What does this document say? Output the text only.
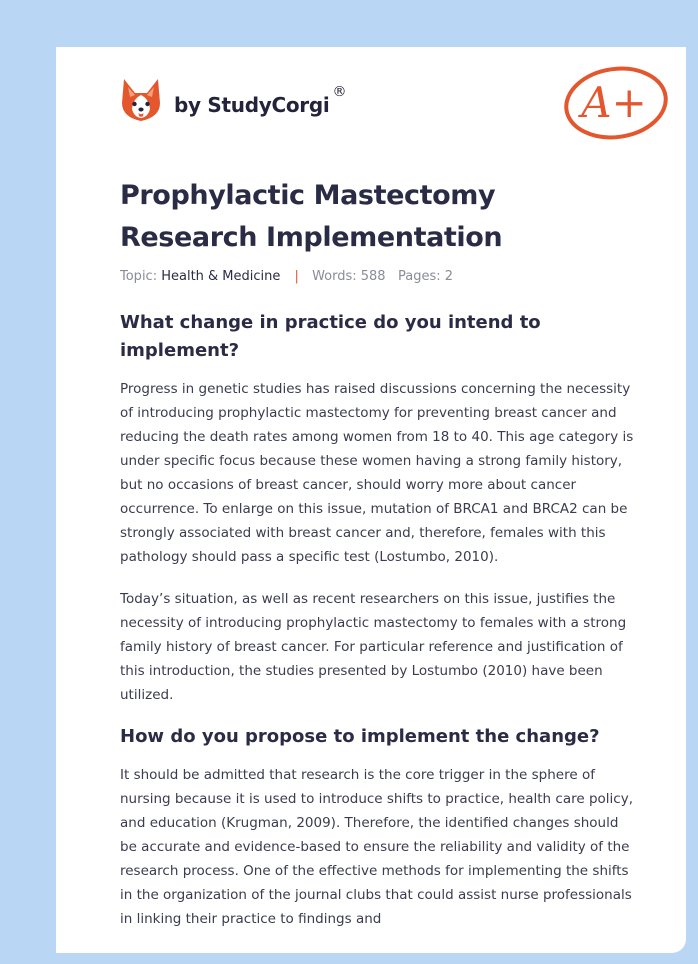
by StudyCorgi
®	A+
Prophylactic Mastectomy Research Implementation
Topic: Health & Medicine | Words: 588 Pages: 2
What change in practice do you intend to implement?

Progress in genetic studies has raised discussions concerning the necessity of introducing prophylactic mastectomy for preventing breast cancer and reducing the death rates among women from 18 to 40. This age category is under specific focus because these women having a strong family history, but no occasions of breast cancer, should worry more about cancer occurrence. To enlarge on this issue, mutation of BRCA1 and BRCA2 can be strongly associated with breast cancer and, therefore, females with this pathology should pass a specific test (Lostumbo, 2010).

Today’s situation, as well as recent researchers on this issue, justifies the necessity of introducing prophylactic mastectomy to females with a strong family history of breast cancer. For particular reference and justification of this introduction, the studies presented by Lostumbo (2010) have been utilized.

How do you propose to implement the change?

It should be admitted that research is the core trigger in the sphere of nursing because it is used to introduce shifts to practice, health care policy, and education (Krugman, 2009). Therefore, the identified changes should be accurate and evidence-based to ensure the reliability and validity of the research process. One of the effective methods for implementing the shifts in the organization of the journal clubs that could assist nurse professionals in linking their practice to findings and
